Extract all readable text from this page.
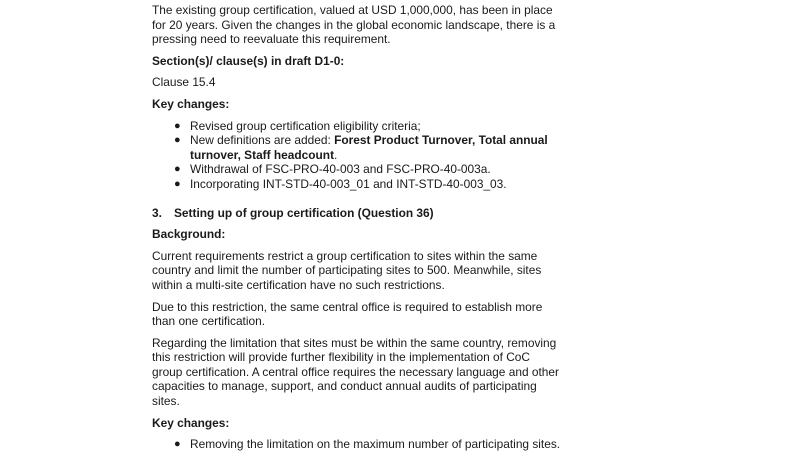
The existing group certification, valued at USD 1,000,000, has been in place for 20 years. Given the changes in the global economic landscape, there is a pressing need to reevaluate this requirement.

Section(s)/ clause(s) in draft D1-0:

Clause 15.4

Key changes:

● Revised group certification eligibility criteria;
● New definitions are added: Forest Product Turnover, Total annual turnover, Staff headcount.
● Withdrawal of FSC-PRO-40-003 and FSC-PRO-40-003a.
● Incorporating INT-STD-40-003_01 and INT-STD-40-003_03.
3.	Setting up of group certification (Question 36)

Background:

Current requirements restrict a group certification to sites within the same country and limit the number of participating sites to 500. Meanwhile, sites within a multi-site certification have no such restrictions.

Due to this restriction, the same central office is required to establish more than one certification.

Regarding the limitation that sites must be within the same country, removing this restriction will provide further flexibility in the implementation of CoC group certification. A central office requires the necessary language and other capacities to manage, support, and conduct annual audits of participating sites.

Key changes:

● Removing the limitation on the maximum number of participating sites.
